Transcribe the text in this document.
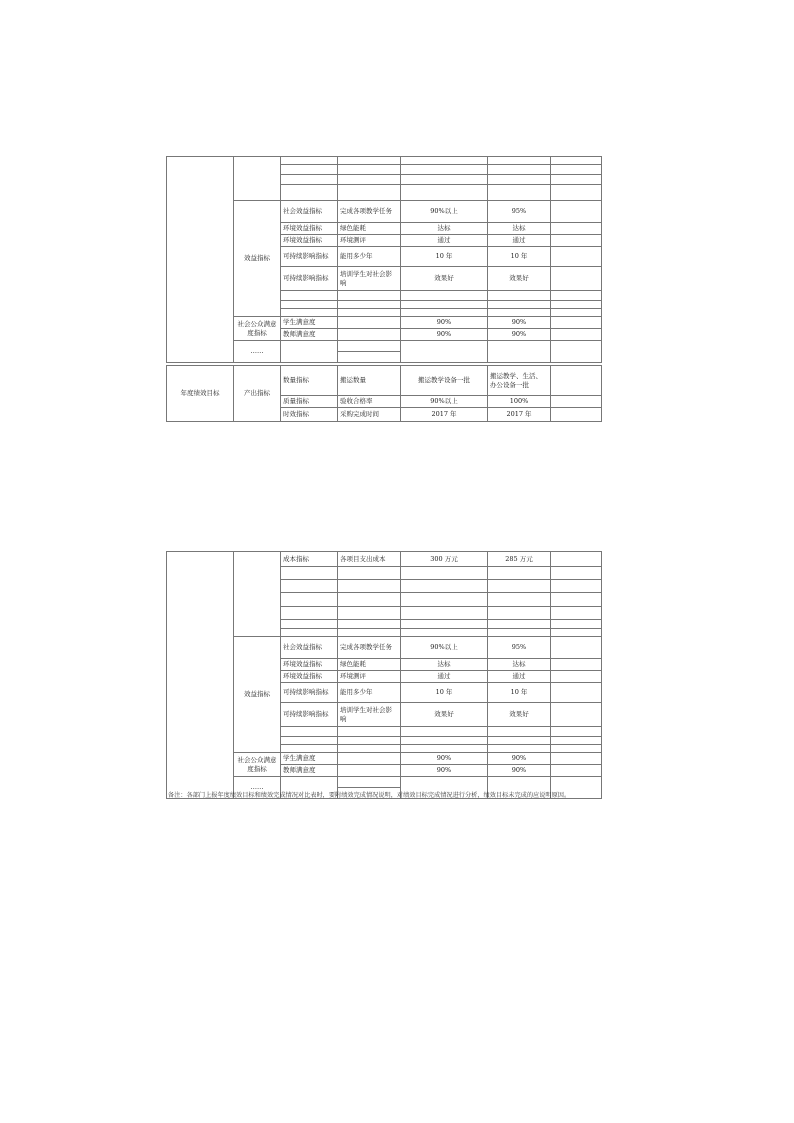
	效益指标	社会效益指标	完成各项教学任务	90%以上	95%	
		环境效益指标	绿色能耗	达标	达标	
		环境效益指标	环境测评	通过	通过	
		可持续影响指标	能用多少年	10 年	10 年	
		可持续影响指标	培训学生对社会影响	效果好	效果好	

	社会公众满意度指标	学生满意度		90%	90%	
		教师满意度		90%	90%	
	……					

年度绩效目标	产出指标	数量指标	搬运数量	搬运教学设备一批	搬运教学、生活、办公设备一批	
		质量指标	验收合格率	90%以上	100%	
		时效指标	采购完成时间	2017 年	2017 年	
		成本指标	各项目支出成本	300 万元	285 万元	

	效益指标	社会效益指标	完成各项教学任务	90%以上	95%	
		环境效益指标	绿色能耗	达标	达标	
		环境效益指标	环境测评	通过	通过	
		可持续影响指标	能用多少年	10 年	10 年	
		可持续影响指标	培训学生对社会影响	效果好	效果好	

	社会公众满意度指标	学生满意度		90%	90%	
		教师满意度		90%	90%	
	……					

备注：各部门上报年度绩效目标和绩效完成情况对比表时，要附绩效完成情况说明，对绩效目标完成情况进行分析，绩效目标未完成的应说明原因。
